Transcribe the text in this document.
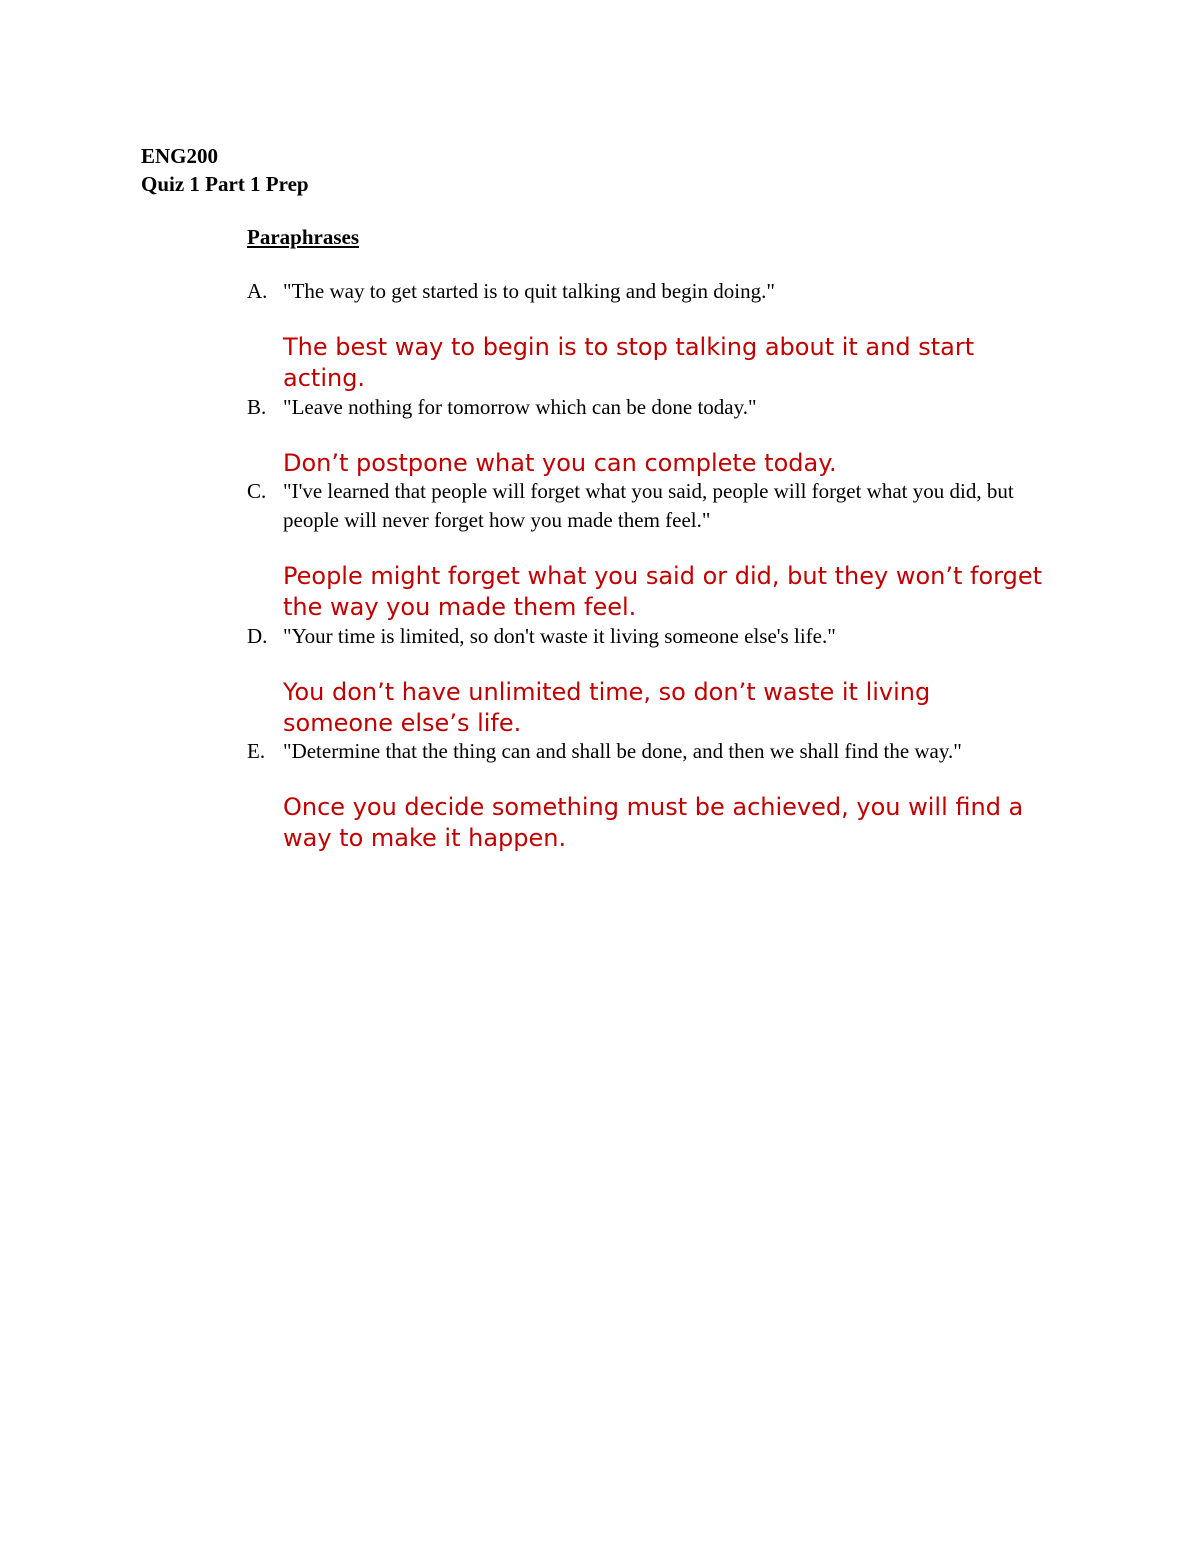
ENG200
Quiz 1 Part 1 Prep
Paraphrases
A. "The way to get started is to quit talking and begin doing."
The best way to begin is to stop talking about it and start acting.
B. "Leave nothing for tomorrow which can be done today."
Don’t postpone what you can complete today.
C. "I've learned that people will forget what you said, people will forget what you did, but people will never forget how you made them feel."
People might forget what you said or did, but they won’t forget the way you made them feel.
D. "Your time is limited, so don't waste it living someone else's life."
You don’t have unlimited time, so don’t waste it living someone else’s life.
E. "Determine that the thing can and shall be done, and then we shall find the way."
Once you decide something must be achieved, you will find a way to make it happen.
